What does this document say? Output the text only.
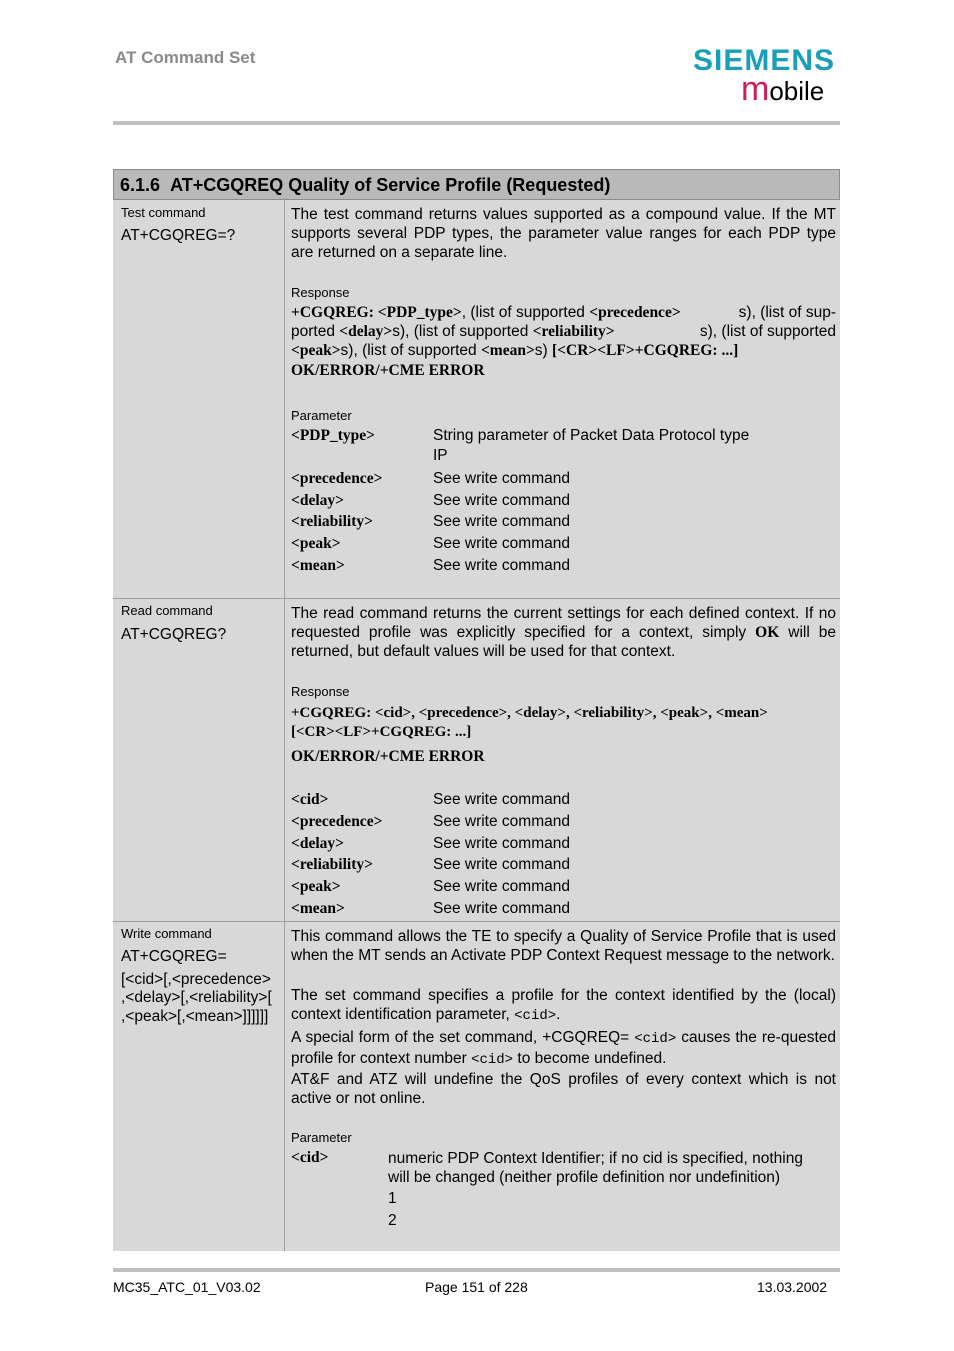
AT Command Set	SIEMENS
mobile
6.1.6 AT+CGQREQ Quality of Service Profile (Requested)
Test command
AT+CGQREG=?
The test command returns values supported as a compound value. If the MT supports several PDP types, the parameter value ranges for each PDP type are returned on a separate line.
Response
+CGQREG: <PDP_type>, (list of supported <precedence>	s), (list of sup-
ported <delay>s), (list of supported <reliability>	s), (list of supported
<peak>s), (list of supported <mean>s) [<CR><LF>+CGQREG: ...]
OK/ERROR/+CME ERROR
Parameter
<PDP_type>	String parameter of Packet Data Protocol type
IP
<precedence>	See write command
<delay>	See write command
<reliability>	See write command
<peak>	See write command
<mean>	See write command
Read command
AT+CGQREG?
The read command returns the current settings for each defined context. If no requested profile was explicitly specified for a context, simply OK will be returned, but default values will be used for that context.
Response
+CGQREG: <cid>, <precedence>, <delay>, <reliability>, <peak>, <mean>
[<CR><LF>+CGQREG: ...]
OK/ERROR/+CME ERROR
<cid>	See write command
<precedence>	See write command
<delay>	See write command
<reliability>	See write command
<peak>	See write command
<mean>	See write command
Write command
AT+CGQREG=
[<cid>[,<precedence>
,<delay>[,<reliability>[
,<peak>[,<mean>]]]]]]
This command allows the TE to specify a Quality of Service Profile that is used when the MT sends an Activate PDP Context Request message to the network.
The set command specifies a profile for the context identified by the (local) context identification parameter, <cid>.
A special form of the set command, +CGQREQ= <cid> causes the re-quested profile for context number <cid> to become undefined.
AT&F and ATZ will undefine the QoS profiles of every context which is not active or not online.
Parameter
<cid>	numeric PDP Context Identifier; if no cid is specified, nothing will be changed (neither profile definition nor undefinition)
1
2
MC35_ATC_01_V03.02	Page 151 of 228	13.03.2002
